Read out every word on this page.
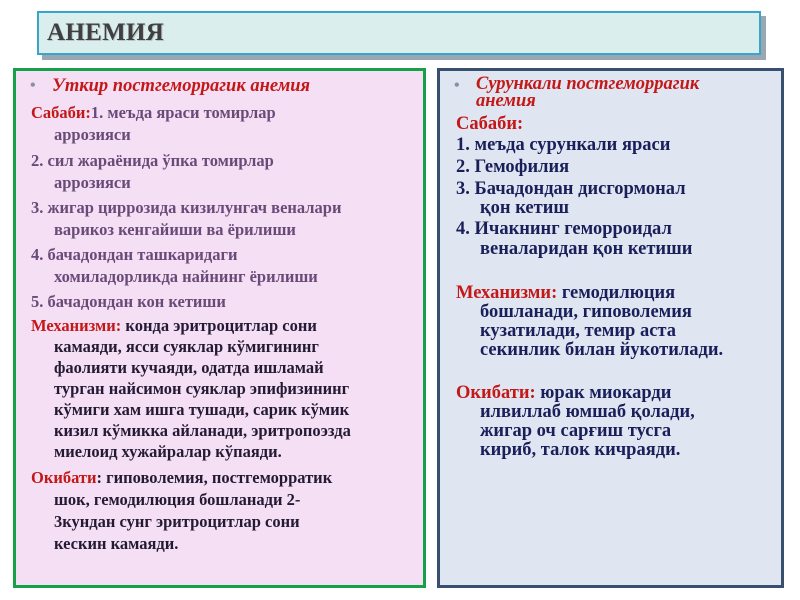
АНЕМИЯ
• Уткир постгеморрагик анемия
Сабаби:1. меъда яраси томирлар
аррозияси
2. сил жараёнида ўпка томирлар
аррозияси
3. жигар циррозида кизилунгач веналари
варикоз кенгайиши ва ёрилиши
4. бачадондан ташкаридаги
хомиладорликда найнинг ёрилиши
5. бачадондан кон кетиши
Механизми: конда эритроцитлар сони
камаяди, ясси суяклар кўмигининг
фаолияти кучаяди, одатда ишламай
турган найсимон суяклар эпифизининг
кўмиги хам ишга тушади, сарик кўмик
кизил кўмикка айланади, эритропоэзда
миелоид хужайралар кўпаяди.
Окибати: гиповолемия, постгеморратик
шок, гемодилюция бошланади 2-
3кундан сунг эритроцитлар сони
кескин камаяди.
• Сурункали постгеморрагик
анемия
Сабаби:
1. меъда сурункали яраси
2. Гемофилия
3. Бачадондан дисгормонал
қон кетиш
4. Ичакнинг геморроидал
веналаридан қон кетиши
Механизми: гемодилюция
бошланади, гиповолемия
кузатилади, темир аста
секинлик билан йукотилади.
Окибати: юрак миокарди
илвиллаб юмшаб қолади,
жигар оч сарғиш тусга
кириб, талок кичраяди.
